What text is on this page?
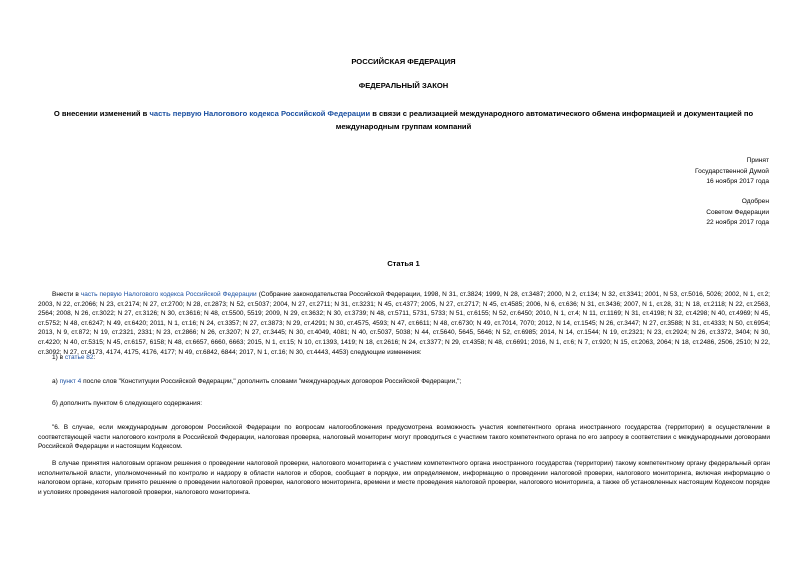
РОССИЙСКАЯ ФЕДЕРАЦИЯ
ФЕДЕРАЛЬНЫЙ ЗАКОН
О внесении изменений в часть первую Налогового кодекса Российской Федерации в связи с реализацией международного автоматического обмена информацией и документацией по международным группам компаний
Принят
Государственной Думой
16 ноября 2017 года
Одобрен
Советом Федерации
22 ноября 2017 года
Статья 1
Внести в часть первую Налогового кодекса Российской Федерации (Собрание законодательства Российской Федерации, 1998, N 31, ст.3824; 1999, N 28, ст.3487; 2000, N 2, ст.134; N 32, ст.3341; 2001, N 53, ст.5016, 5026; 2002, N 1, ст.2; 2003, N 22, ст.2066; N 23, ст.2174; N 27, ст.2700; N 28, ст.2873; N 52, ст.5037; 2004, N 27, ст.2711; N 31, ст.3231; N 45, ст.4377; 2005, N 27, ст.2717; N 45, ст.4585; 2006, N 6, ст.636; N 31, ст.3436; 2007, N 1, ст.28, 31; N 18, ст.2118; N 22, ст.2563, 2564; 2008, N 26, ст.3022; N 27, ст.3126; N 30, ст.3616; N 48, ст.5500, 5519; 2009, N 29, ст.3632; N 30, ст.3739; N 48, ст.5711, 5731, 5733; N 51, ст.6155; N 52, ст.6450; 2010, N 1, ст.4; N 11, ст.1169; N 31, ст.4198; N 32, ст.4298; N 40, ст.4969; N 45, ст.5752; N 48, ст.6247; N 49, ст.6420; 2011, N 1, ст.16; N 24, ст.3357; N 27, ст.3873; N 29, ст.4291; N 30, ст.4575, 4593; N 47, ст.6611; N 48, ст.6730; N 49, ст.7014, 7070; 2012, N 14, ст.1545; N 26, ст.3447; N 27, ст.3588; N 31, ст.4333; N 50, ст.6954; 2013, N 9, ст.872; N 19, ст.2321, 2331; N 23, ст.2866; N 26, ст.3207; N 27, ст.3445; N 30, ст.4049, 4081; N 40, ст.5037, 5038; N 44, ст.5640, 5645, 5646; N 52, ст.6985; 2014, N 14, ст.1544; N 19, ст.2321; N 23, ст.2924; N 26, ст.3372, 3404; N 30, ст.4220; N 40, ст.5315; N 45, ст.6157, 6158; N 48, ст.6657, 6660, 6663; 2015, N 1, ст.15; N 10, ст.1393, 1419; N 18, ст.2616; N 24, ст.3377; N 29, ст.4358; N 48, ст.6691; 2016, N 1, ст.6; N 7, ст.920; N 15, ст.2063, 2064; N 18, ст.2486, 2506, 2510; N 22, ст.3092; N 27, ст.4173, 4174, 4175, 4176, 4177; N 49, ст.6842, 6844; 2017, N 1, ст.16; N 30, ст.4443, 4453) следующие изменения:
1) в статье 82:
а) пункт 4 после слов "Конституции Российской Федерации," дополнить словами "международных договоров Российской Федерации,";
б) дополнить пунктом 6 следующего содержания:
"6. В случае, если международным договором Российской Федерации по вопросам налогообложения предусмотрена возможность участия компетентного органа иностранного государства (территории) в осуществлении в соответствующей части налогового контроля в Российской Федерации, налоговая проверка, налоговый мониторинг могут проводиться с участием такого компетентного органа по его запросу в соответствии с международными договорами Российской Федерации и настоящим Кодексом.
В случае принятия налоговым органом решения о проведении налоговой проверки, налогового мониторинга с участием компетентного органа иностранного государства (территории) такому компетентному органу федеральный орган исполнительной власти, уполномоченный по контролю и надзору в области налогов и сборов, сообщает в порядке, им определяемом, информацию о проведении налоговой проверки, налогового мониторинга, включая информацию о налоговом органе, которым принято решение о проведении налоговой проверки, налогового мониторинга, времени и месте проведения налоговой проверки, налогового мониторинга, а также об установленных настоящим Кодексом порядке и условиях проведения налоговой проверки, налогового мониторинга.
